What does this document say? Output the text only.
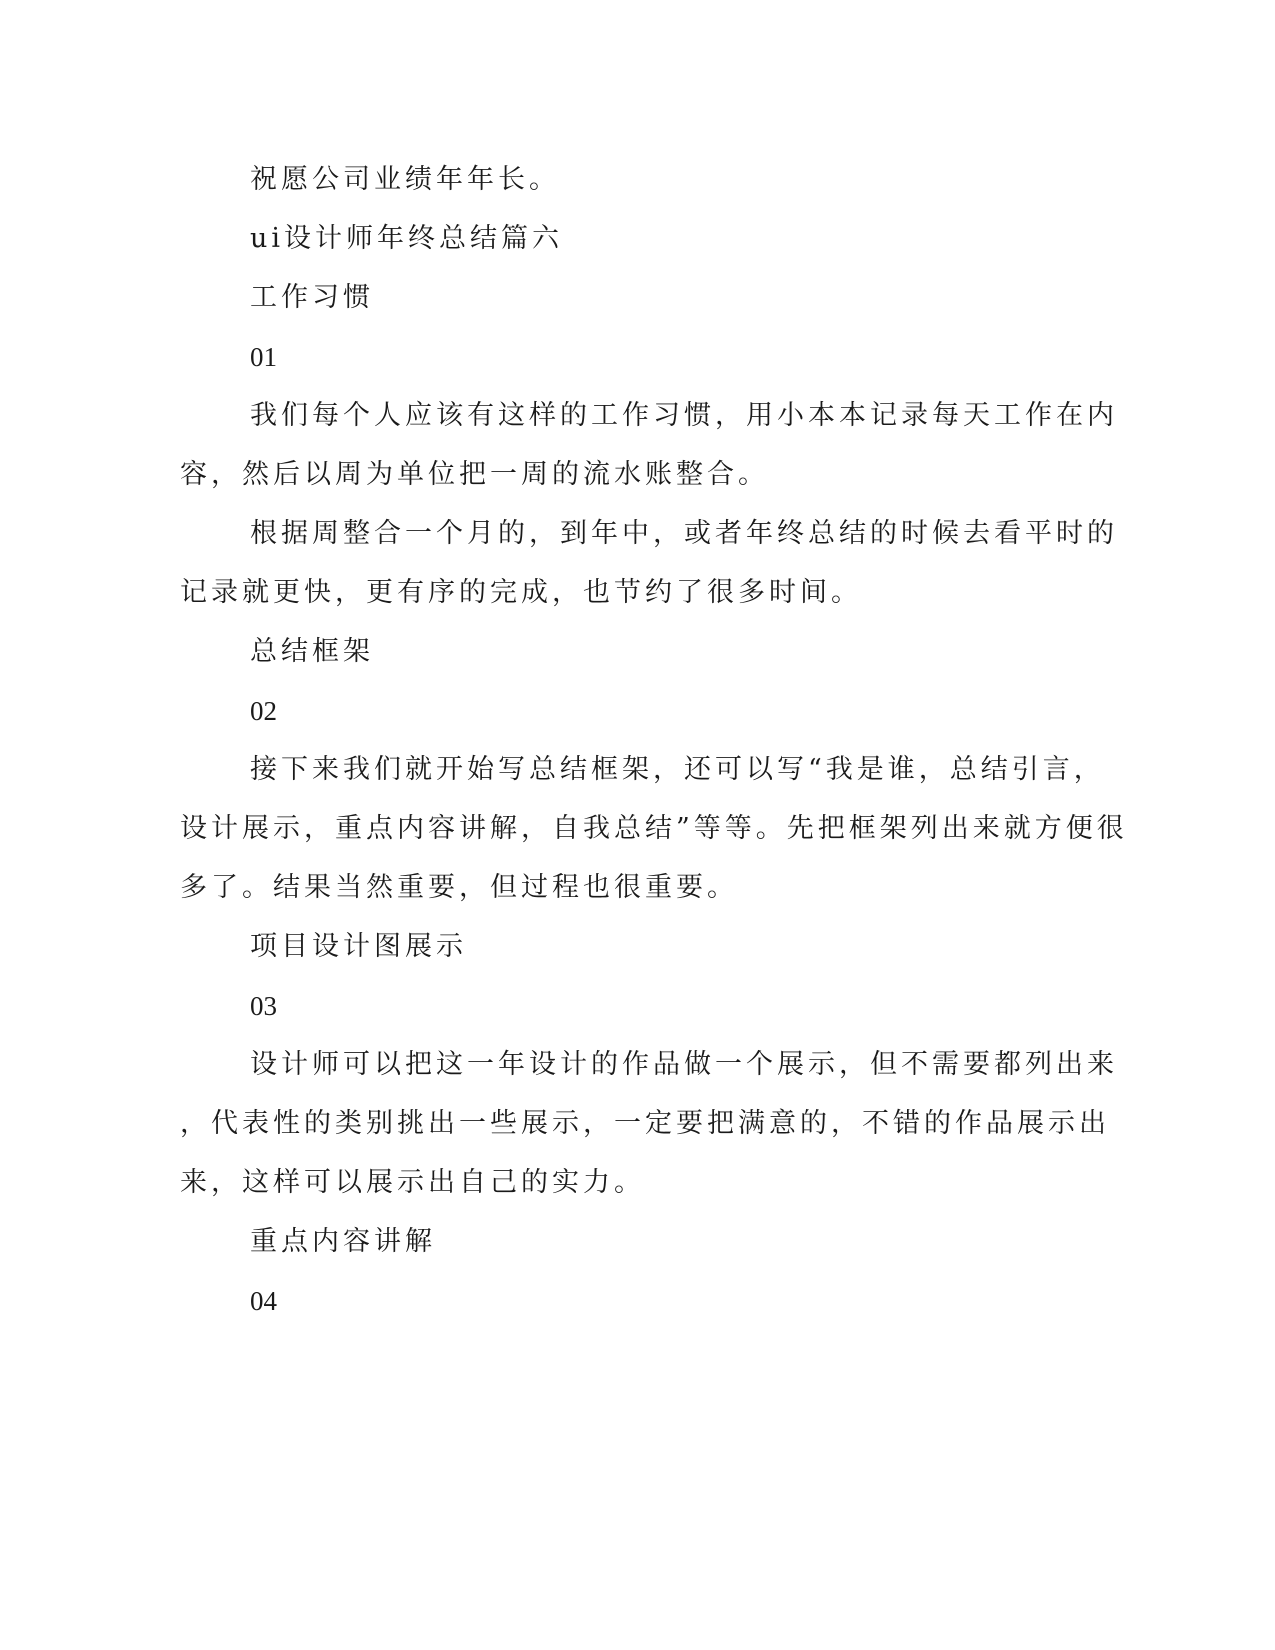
祝愿公司业绩年年长。

ui设计师年终总结篇六

工作习惯

01

我们每个人应该有这样的工作习惯，用小本本记录每天工作在内

容，然后以周为单位把一周的流水账整合。

根据周整合一个月的，到年中，或者年终总结的时候去看平时的

记录就更快，更有序的完成，也节约了很多时间。

总结框架

02

接下来我们就开始写总结框架，还可以写“我是谁，总结引言，

设计展示，重点内容讲解，自我总结”等等。先把框架列出来就方便很

多了。结果当然重要，但过程也很重要。

项目设计图展示

03

设计师可以把这一年设计的作品做一个展示，但不需要都列出来

，代表性的类别挑出一些展示，一定要把满意的，不错的作品展示出

来，这样可以展示出自己的实力。

重点内容讲解

04
